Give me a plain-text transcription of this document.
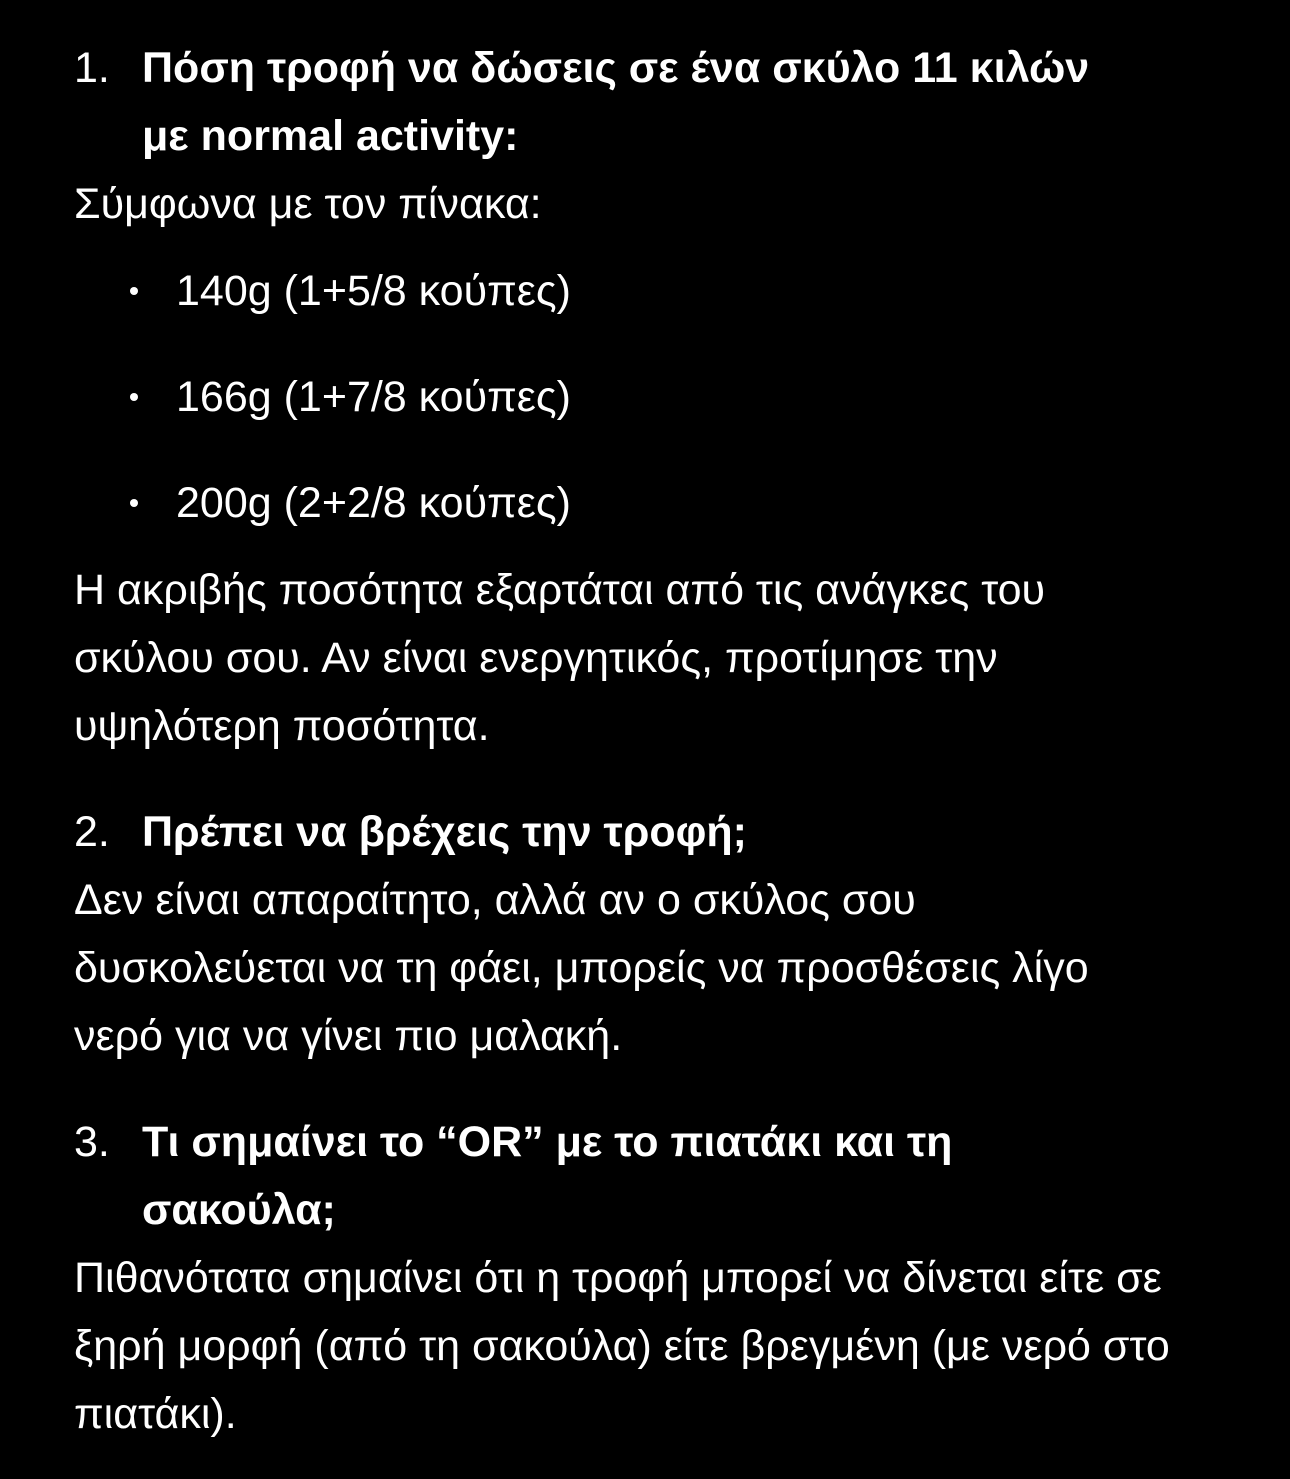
1. Πόση τροφή να δώσεις σε ένα σκύλο 11 κιλών με normal activity:

Σύμφωνα με τον πίνακα:

140g (1+5/8 κούπες)
166g (1+7/8 κούπες)
200g (2+2/8 κούπες)

Η ακριβής ποσότητα εξαρτάται από τις ανάγκες του σκύλου σου. Αν είναι ενεργητικός, προτίμησε την υψηλότερη ποσότητα.

2. Πρέπει να βρέχεις την τροφή;

Δεν είναι απαραίτητο, αλλά αν ο σκύλος σου δυσκολεύεται να τη φάει, μπορείς να προσθέσεις λίγο νερό για να γίνει πιο μαλακή.

3. Τι σημαίνει το “OR” με το πιατάκι και τη σακούλα;

Πιθανότατα σημαίνει ότι η τροφή μπορεί να δίνεται είτε σε ξηρή μορφή (από τη σακούλα) είτε βρεγμένη (με νερό στο πιατάκι).
